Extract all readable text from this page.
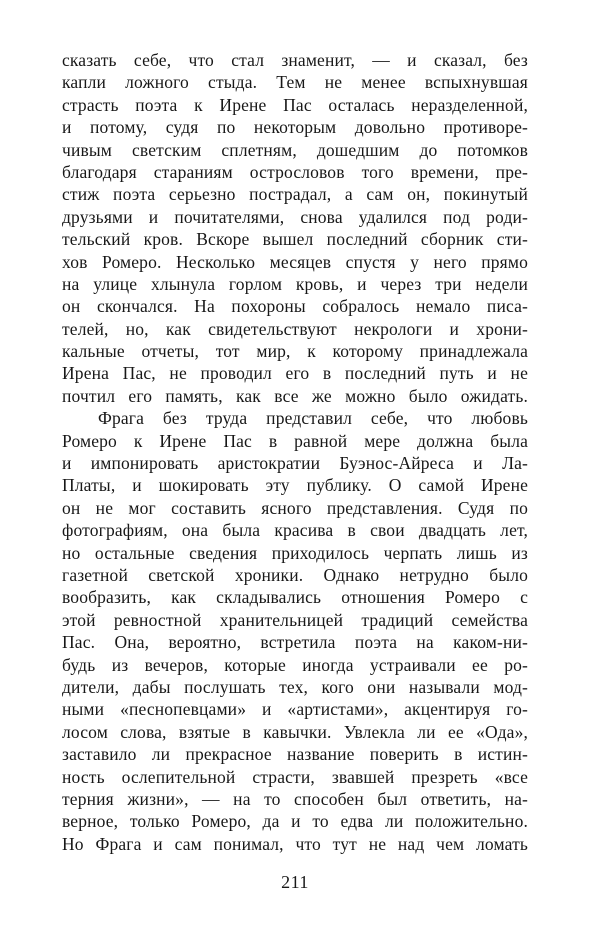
сказать себе, что стал знаменит, — и сказал, без
капли ложного стыда. Тем не менее вспыхнувшая
страсть поэта к Ирене Пас осталась неразделенной,
и потому, судя по некоторым довольно противоре-
чивым светским сплетням, дошедшим до потомков
благодаря стараниям острословов того времени, пре-
стиж поэта серьезно пострадал, а сам он, покинутый
друзьями и почитателями, снова удалился под роди-
тельский кров. Вскоре вышел последний сборник сти-
хов Ромеро. Несколько месяцев спустя у него прямо
на улице хлынула горлом кровь, и через три недели
он скончался. На похороны собралось немало писа-
телей, но, как свидетельствуют некрологи и хрони-
кальные отчеты, тот мир, к которому принадлежала
Ирена Пас, не проводил его в последний путь и не
почтил его память, как все же можно было ожидать.
Фрага без труда представил себе, что любовь
Ромеро к Ирене Пас в равной мере должна была
и импонировать аристократии Буэнос-Айреса и Ла-
Платы, и шокировать эту публику. О самой Ирене
он не мог составить ясного представления. Судя по
фотографиям, она была красива в свои двадцать лет,
но остальные сведения приходилось черпать лишь из
газетной светской хроники. Однако нетрудно было
вообразить, как складывались отношения Ромеро с
этой ревностной хранительницей традиций семейства
Пас. Она, вероятно, встретила поэта на каком-ни-
будь из вечеров, которые иногда устраивали ее ро-
дители, дабы послушать тех, кого они называли мод-
ными «песнопевцами» и «артистами», акцентируя го-
лосом слова, взятые в кавычки. Увлекла ли ее «Ода»,
заставило ли прекрасное название поверить в истин-
ность ослепительной страсти, звавшей презреть «все
терния жизни», — на то способен был ответить, на-
верное, только Ромеро, да и то едва ли положительно.
Но Фрага и сам понимал, что тут не над чем ломать
211
